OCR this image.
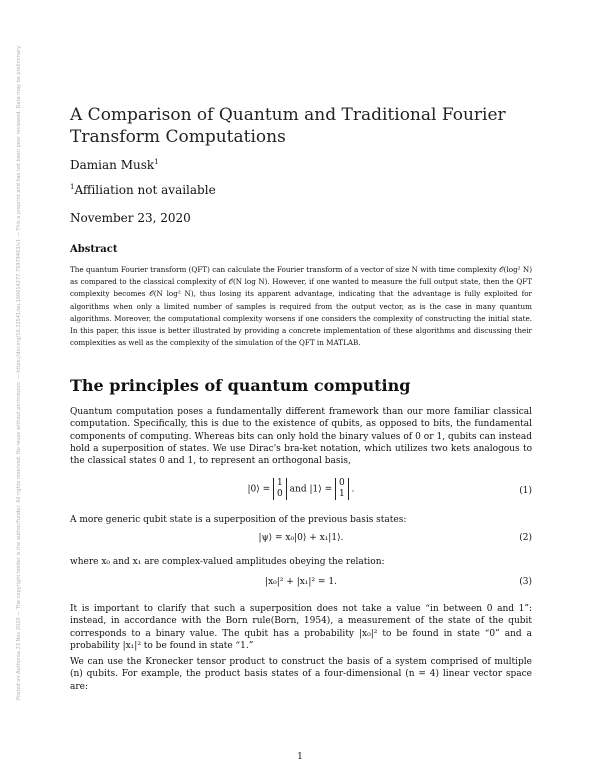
Posted on Authorea 23 Nov 2020 — The copyright holder is the author/funder. All rights reserved. No reuse without permission. — https://doi.org/10.22541/au.160614277.75979463/v1 — This a preprint and has not been peer reviewed. Data may be preliminary.	A Comparison of Quantum and Traditional Fourier Transform Computations
Damian Musk$^1$
$^1$Affiliation not available
November 23, 2020
Abstract
The quantum Fourier transform (QFT) can calculate the Fourier transform of a vector of size N with time complexity 𝒪(log² N) as compared to the classical complexity of 𝒪(N log N). However, if one wanted to measure the full output state, then the QFT complexity becomes 𝒪(N log² N), thus losing its apparent advantage, indicating that the advantage is fully exploited for algorithms when only a limited number of samples is required from the output vector, as is the case in many quantum algorithms. Moreover, the computational complexity worsens if one considers the complexity of constructing the initial state. In this paper, this issue is better illustrated by providing a concrete implementation of these algorithms and discussing their complexities as well as the complexity of the simulation of the QFT in MATLAB.
The principles of quantum computing
Quantum computation poses a fundamentally different framework than our more familiar classical computation. Specifically, this is due to the existence of qubits, as opposed to bits, the fundamental components of computing. Whereas bits can only hold the binary values of 0 or 1, qubits can instead hold a superposition of states. We use Dirac's bra-ket notation, which utilizes two kets analogous to the classical states 0 and 1, to represent an orthogonal basis,
|0⟩ = 1
0 and |1⟩ = 0
1 .	(1)
A more generic qubit state is a superposition of the previous basis states:
|ψ⟩ = x₀|0⟩ + x₁|1⟩.	(2)
where x₀ and x₁ are complex-valued amplitudes obeying the relation:
|x₀|² + |x₁|² = 1.	(3)
It is important to clarify that such a superposition does not take a value “in between 0 and 1”: instead, in accordance with the Born rule(Born, 1954), a measurement of the state of the qubit corresponds to a binary value. The qubit has a probability |x₀|² to be found in state “0” and a probability |x₁|² to be found in state “1.”
We can use the Kronecker tensor product to construct the basis of a system comprised of multiple (n) qubits. For example, the product basis states of a four-dimensional (n = 4) linear vector space are:
1
